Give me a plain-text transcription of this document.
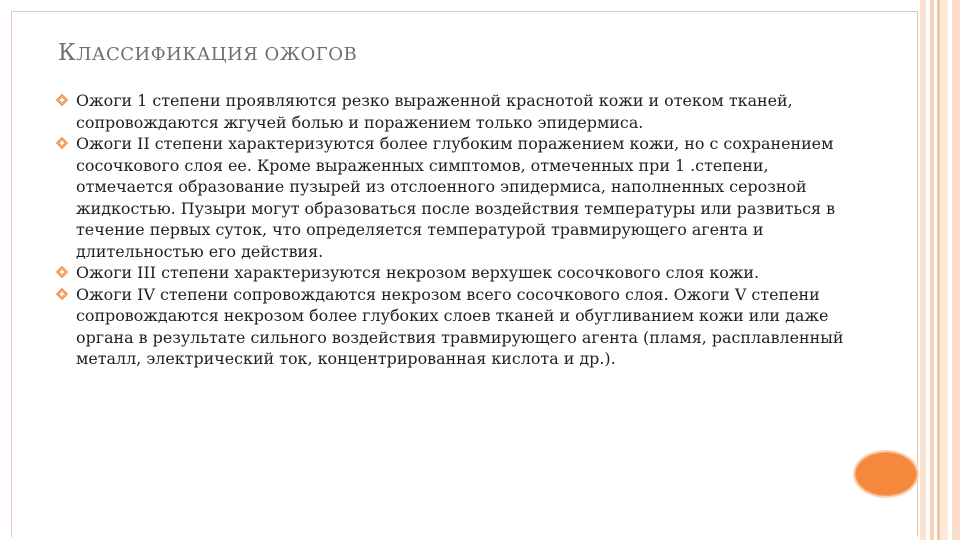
КЛАССИФИКАЦИЯ ОЖОГОВ

Ожоги 1 степени проявляются резко выраженной краснотой кожи и отеком тканей, сопровождаются жгучей болью и поражением только эпидермиса.

Ожоги II степени характеризуются более глубоким поражением кожи, но с сохранением сосочкового слоя ее. Кроме выраженных симптомов, отмеченных при 1 .степени, отмечается образование пузырей из отслоенного эпидермиса, наполненных серозной жидкостью. Пузыри могут образоваться после воздействия температуры или развиться в течение первых суток, что определяется температурой травмирующего агента и длительностью его действия.

Ожоги III степени характеризуются некрозом верхушек сосочкового слоя кожи.

Ожоги IV степени сопровождаются некрозом всего сосочкового слоя. Ожоги V степени сопровождаются некрозом более глубоких слоев тканей и обугливанием кожи или даже органа в результате сильного воздействия травмирующего агента (пламя, расплавленный металл, электрический ток, концентрированная кислота и др.).
